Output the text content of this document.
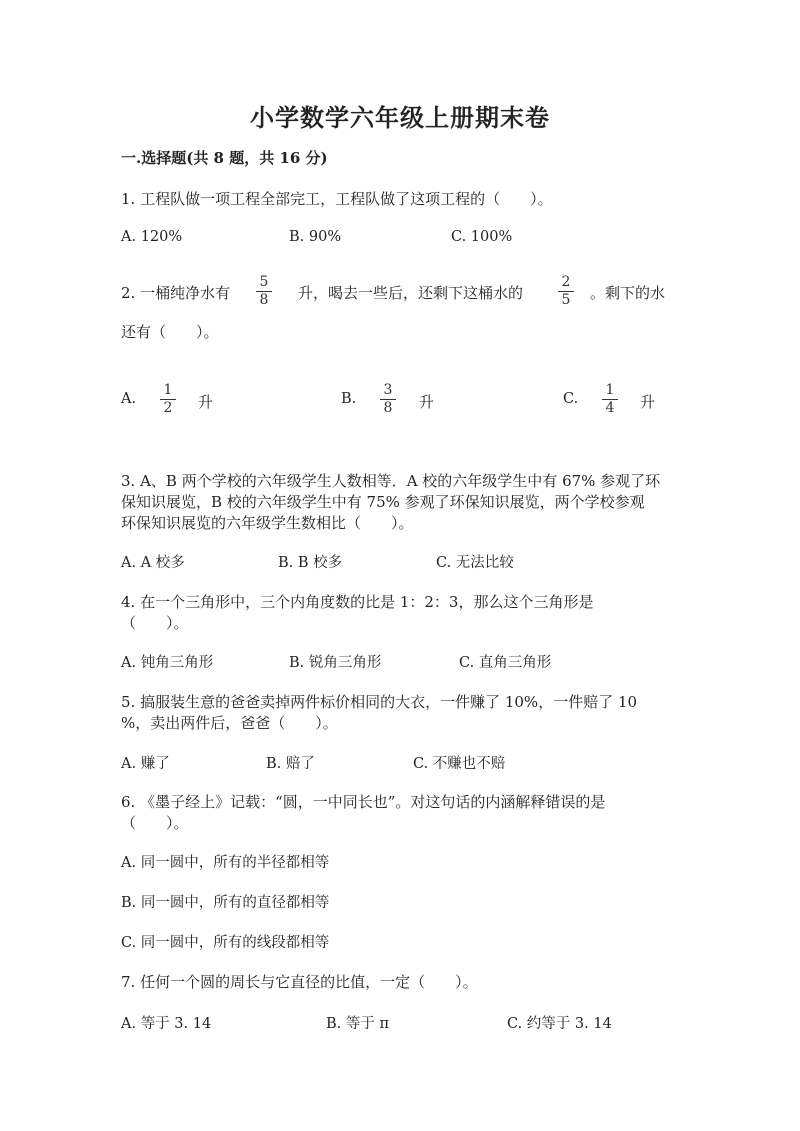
小学数学六年级上册期末卷
一.选择题(共 8 题，共 16 分)
1. 工程队做一项工程全部完工，工程队做了这项工程的（　　）。
A. 120%	B. 90%	C. 100%
2. 一桶纯净水有
5
8 升，喝去一些后，还剩下这桶水的
2
5 。剩下的水
还有（　　）。
A.
1
2 升	B.
3
8 升	C.
1
4 升
3. A、B 两个学校的六年级学生人数相等．A 校的六年级学生中有 67% 参观了环
保知识展览，B 校的六年级学生中有 75% 参观了环保知识展览，两个学校参观
环保知识展览的六年级学生数相比（　　）。
A. A 校多	B. B 校多	C. 无法比较
4. 在一个三角形中，三个内角度数的比是 1：2：3，那么这个三角形是
（　　）。
A. 钝角三角形	B. 锐角三角形	C. 直角三角形
5. 搞服装生意的爸爸卖掉两件标价相同的大衣，一件赚了 10%，一件赔了 10
%，卖出两件后，爸爸（　　）。
A. 赚了	B. 赔了	C. 不赚也不赔
6. 《墨子经上》记载：“圆，一中同长也”。对这句话的内涵解释错误的是
（　　）。
A. 同一圆中，所有的半径都相等
B. 同一圆中，所有的直径都相等
C. 同一圆中，所有的线段都相等
7. 任何一个圆的周长与它直径的比值，一定（　　）。
A. 等于 3. 14	B. 等于 π	C. 约等于 3. 14
